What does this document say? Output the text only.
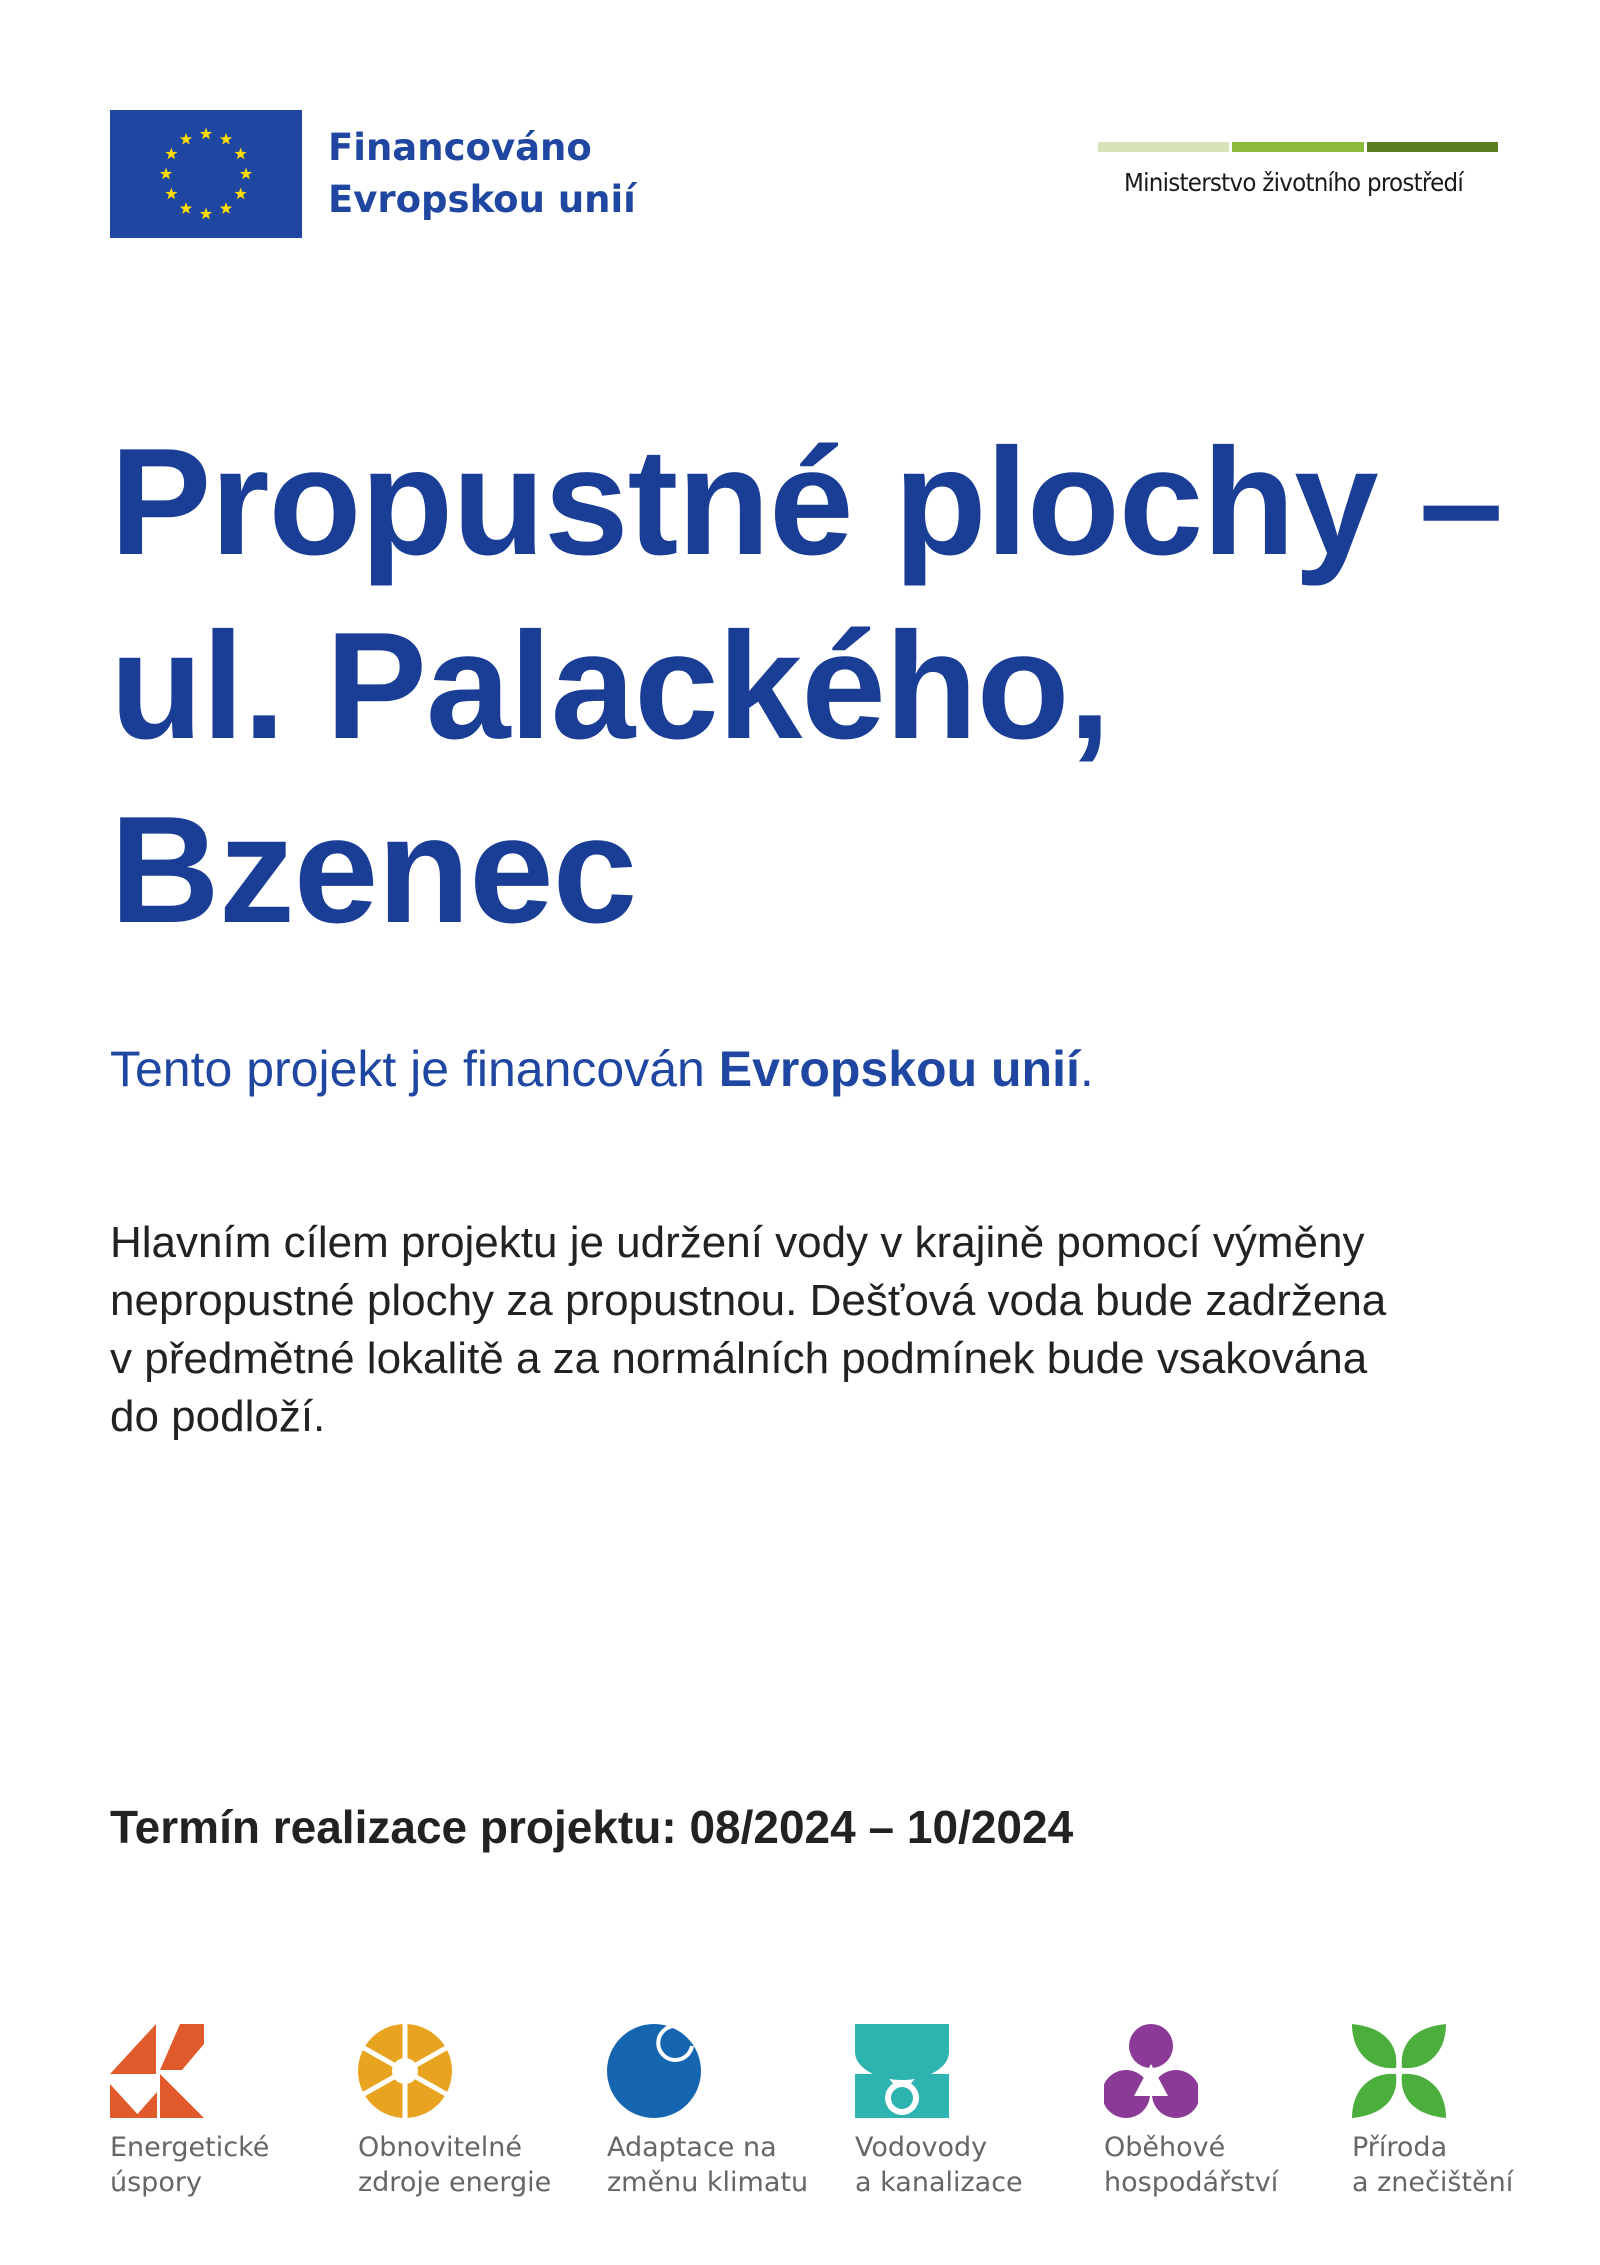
Financováno
Evropskou unií	Ministerstvo životního prostředí
Propustné plochy –
ul. Palackého,
Bzenec

Tento projekt je financován Evropskou unií.

Hlavním cílem projektu je udržení vody v krajině pomocí výměny
nepropustné plochy za propustnou. Dešťová voda bude zadržena
v předmětné lokalitě a za normálních podmínek bude vsakována
do podloží.

Termín realizace projektu: 08/2024 – 10/2024

Energetické
úspory
Obnovitelné
zdroje energie
Adaptace na
změnu klimatu
Vodovody
a kanalizace
Oběhové
hospodářství
Příroda
a znečištění
